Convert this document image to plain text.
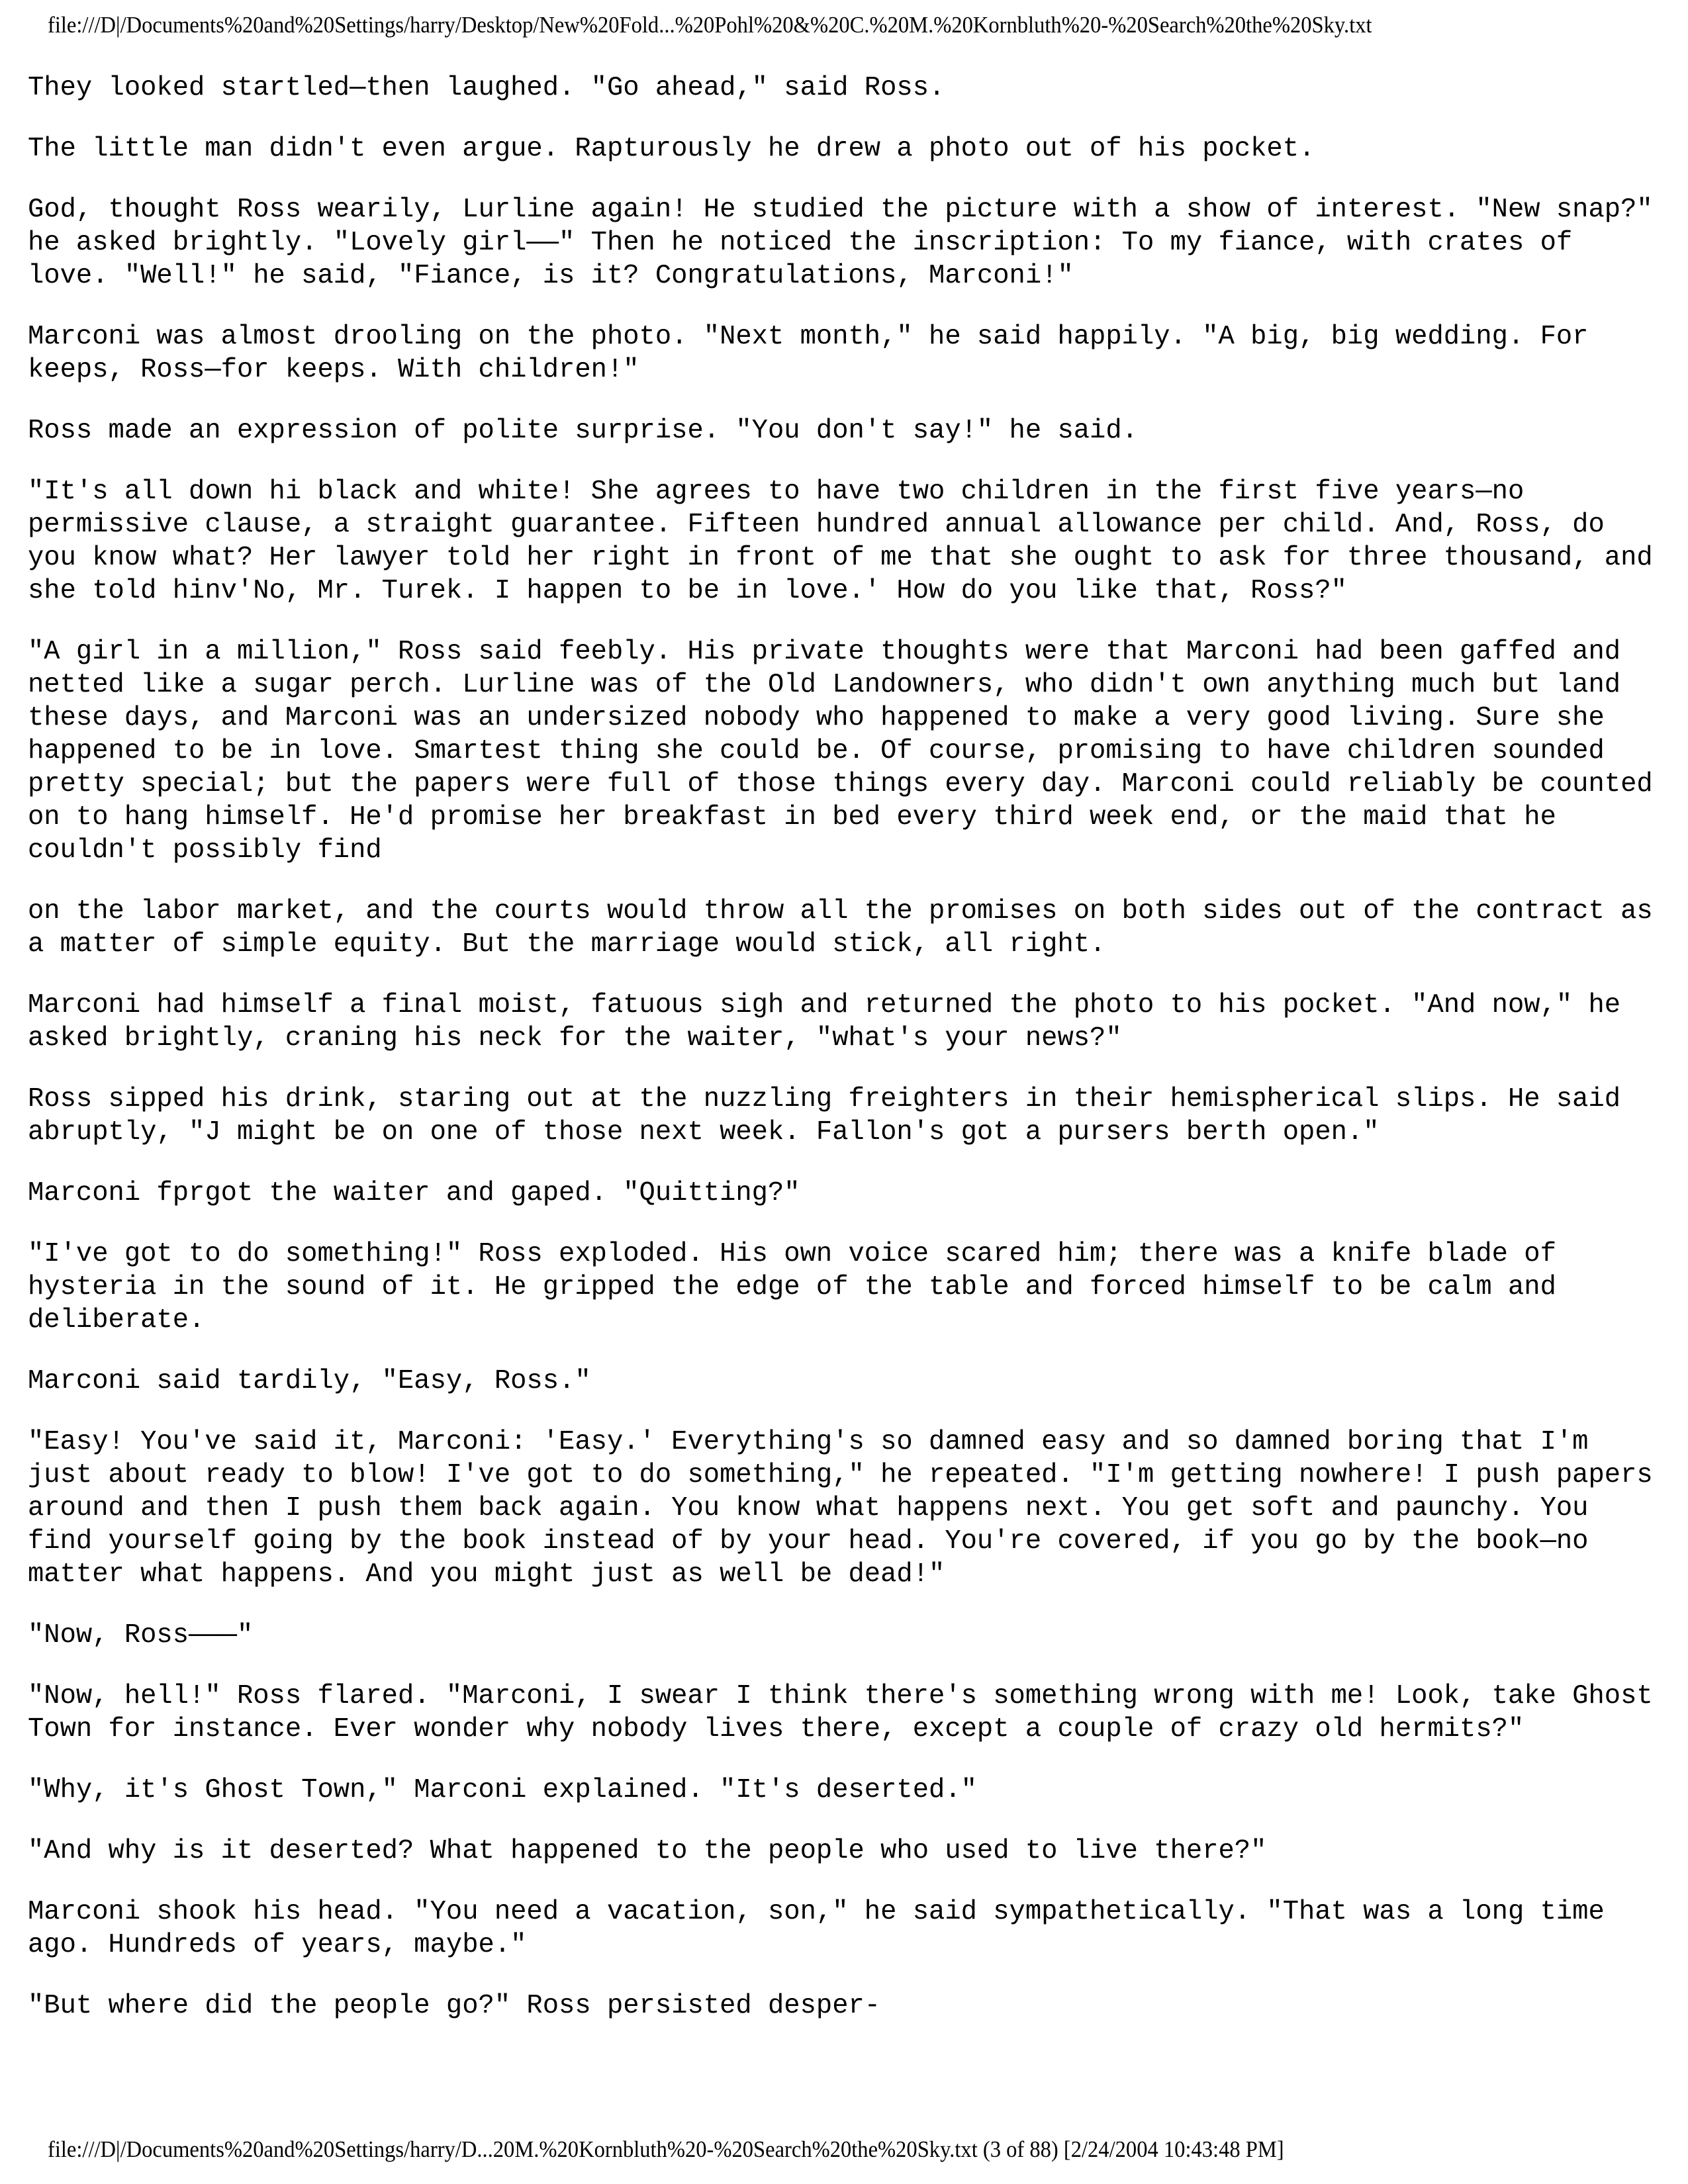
file:///D|/Documents%20and%20Settings/harry/Desktop/New%20Fold...%20Pohl%20&%20C.%20M.%20Kornbluth%20-%20Search%20the%20Sky.txt

They looked startled—then laughed. "Go ahead," said Ross.

The little man didn't even argue. Rapturously he drew a photo out of his pocket.

God, thought Ross wearily, Lurline again! He studied the picture with a show of interest. "New snap?" he asked brightly. "Lovely girl——" Then he noticed the inscription: To my fiance, with crates of love. "Well!" he said, "Fiance, is it? Congratulations, Marconi!"

Marconi was almost drooling on the photo. "Next month," he said happily. "A big, big wedding. For keeps, Ross—for keeps. With children!"

Ross made an expression of polite surprise. "You don't say!" he said.

"It's all down hi black and white! She agrees to have two children in the first five years—no permissive clause, a straight guarantee. Fifteen hundred annual allowance per child. And, Ross, do you know what? Her lawyer told her right in front of me that she ought to ask for three thousand, and she told hinv'No, Mr. Turek. I happen to be in love.' How do you like that, Ross?"

"A girl in a million," Ross said feebly. His private thoughts were that Marconi had been gaffed and netted like a sugar perch. Lurline was of the Old Landowners, who didn't own anything much but land these days, and Marconi was an undersized nobody who happened to make a very good living. Sure she happened to be in love. Smartest thing she could be. Of course, promising to have children sounded pretty special; but the papers were full of those things every day. Marconi could reliably be counted on to hang himself. He'd promise her breakfast in bed every third week end, or the maid that he couldn't possibly find

on the labor market, and the courts would throw all the promises on both sides out of the contract as a matter of simple equity. But the marriage would stick, all right.

Marconi had himself a final moist, fatuous sigh and returned the photo to his pocket. "And now," he asked brightly, craning his neck for the waiter, "what's your news?"

Ross sipped his drink, staring out at the nuzzling freighters in their hemispherical slips. He said abruptly, "J might be on one of those next week. Fallon's got a pursers berth open."

Marconi fprgot the waiter and gaped. "Quitting?"

"I've got to do something!" Ross exploded. His own voice scared him; there was a knife blade of hysteria in the sound of it. He gripped the edge of the table and forced himself to be calm and deliberate.

Marconi said tardily, "Easy, Ross."

"Easy! You've said it, Marconi: 'Easy.' Everything's so damned easy and so damned boring that I'm just about ready to blow! I've got to do something," he repeated. "I'm getting nowhere! I push papers around and then I push them back again. You know what happens next. You get soft and paunchy. You find yourself going by the book instead of by your head. You're covered, if you go by the book—no matter what happens. And you might just as well be dead!"

"Now, Ross———"

"Now, hell!" Ross flared. "Marconi, I swear I think there's something wrong with me! Look, take Ghost Town for instance. Ever wonder why nobody lives there, except a couple of crazy old hermits?"

"Why, it's Ghost Town," Marconi explained. "It's deserted."

"And why is it deserted? What happened to the people who used to live there?"

Marconi shook his head. "You need a vacation, son," he said sympathetically. "That was a long time ago. Hundreds of years, maybe."

"But where did the people go?" Ross persisted desper-

file:///D|/Documents%20and%20Settings/harry/D...20M.%20Kornbluth%20-%20Search%20the%20Sky.txt (3 of 88) [2/24/2004 10:43:48 PM]
